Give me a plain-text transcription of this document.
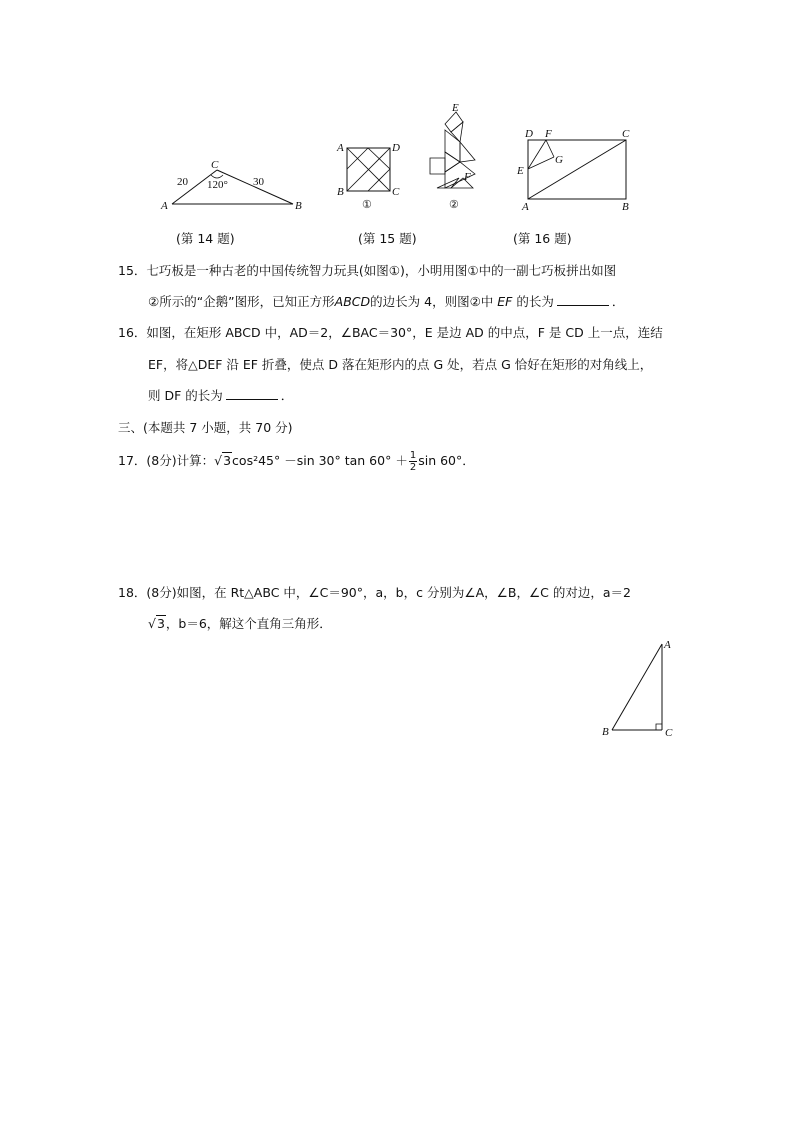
C
120°
20	30
A	B
(第 14 题)
A	D
B	C
①
E
F
②
(第 15 题)
D F	C
G
E
A	B
(第 16 题)
15．七巧板是一种古老的中国传统智力玩具(如图①)，小明用图①中的一副七巧板拼出如图
②所示的“企鹅”图形，已知正方形ABCD的边长为 4，则图②中 EF 的长为	．
16．如图，在矩形 ABCD 中，AD＝2，∠BAC＝30°，E 是边 AD 的中点，F 是 CD 上一点，连结
EF，将△DEF 沿 EF 折叠，使点 D 落在矩形内的点 G 处，若点 G 恰好在矩形的对角线上，
则 DF 的长为	．
三、(本题共 7 小题，共 70 分)
17．(8分)计算：√3cos²45° －sin 30° $\tan 60^\circ + \frac{1}{2}$ sin 60°．
18．(8分)如图，在 Rt△ABC 中，∠C＝90°，a，b，c 分别为∠A，∠B，∠C 的对边，a＝2
√3，b＝6，解这个直角三角形．
A
B	C
